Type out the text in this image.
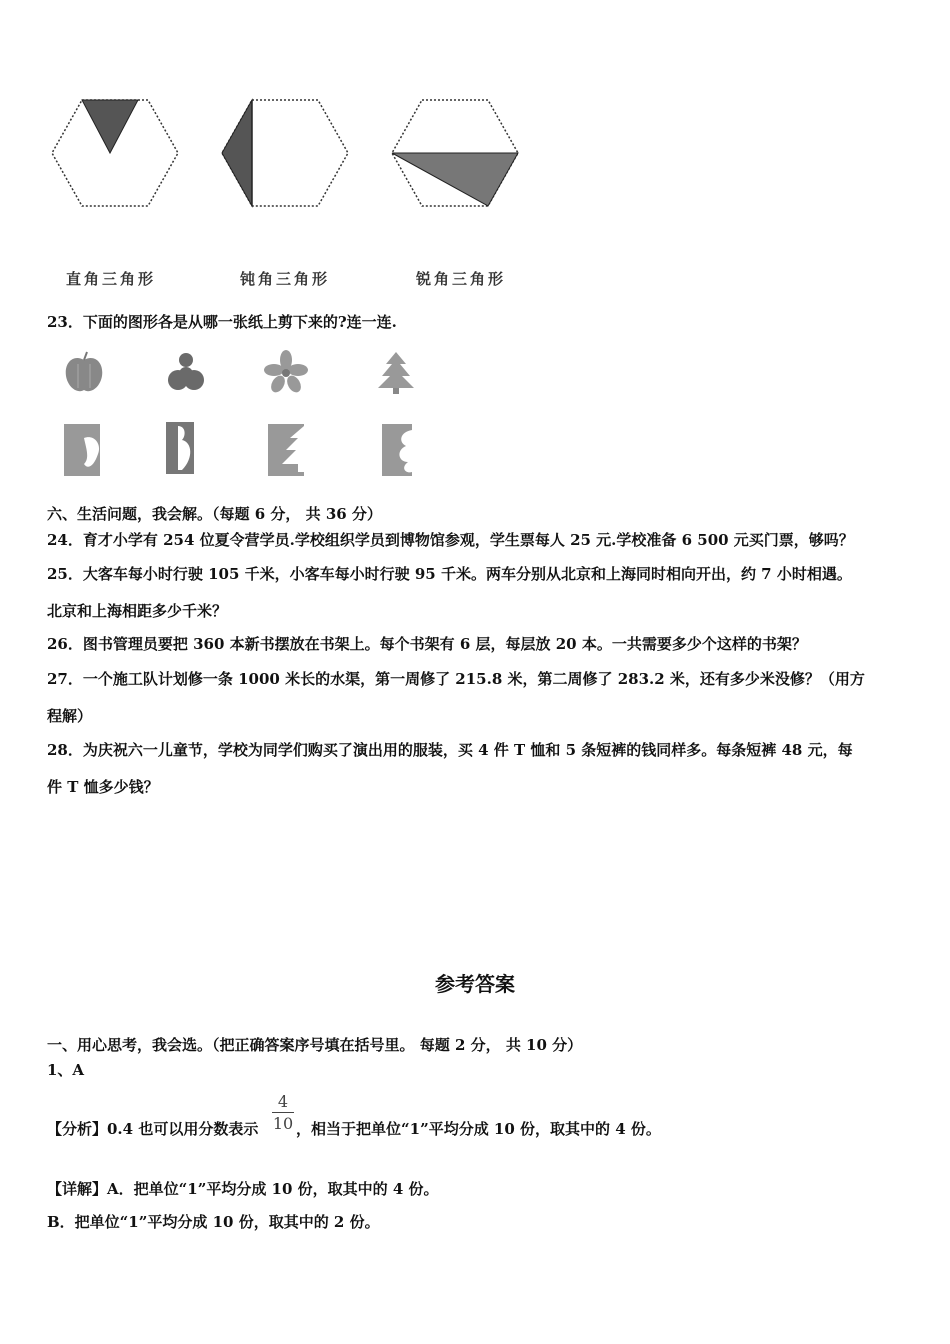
直角三角形	钝角三角形	锐角三角形
23．下面的图形各是从哪一张纸上剪下来的?连一连.
六、生活问题，我会解。（每题 6 分， 共 36 分）
24．育才小学有 254 位夏令营学员.学校组织学员到博物馆参观，学生票每人 25 元.学校准备 6 500 元买门票，够吗？
25．大客车每小时行驶 105 千米，小客车每小时行驶 95 千米。两车分别从北京和上海同时相向开出，约 7 小时相遇。
北京和上海相距多少千米？
26．图书管理员要把 360 本新书摆放在书架上。每个书架有 6 层，每层放 20 本。一共需要多少个这样的书架？
27．一个施工队计划修一条 1000 米长的水渠，第一周修了 215.8 米，第二周修了 283.2 米，还有多少米没修？（用方
程解）
28．为庆祝六一儿童节，学校为同学们购买了演出用的服装，买 4 件 T 恤和 5 条短裤的钱同样多。每条短裤 48 元，每
件 T 恤多少钱？
参考答案
一、用心思考，我会选。（把正确答案序号填在括号里。 每题 2 分， 共 10 分）
1、A
【分析】0.4 也可以用分数表示
4
10 ，相当于把单位“1”平均分成 10 份，取其中的 4 份。
【详解】A．把单位“1”平均分成 10 份，取其中的 4 份。
B．把单位“1”平均分成 10 份，取其中的 2 份。
